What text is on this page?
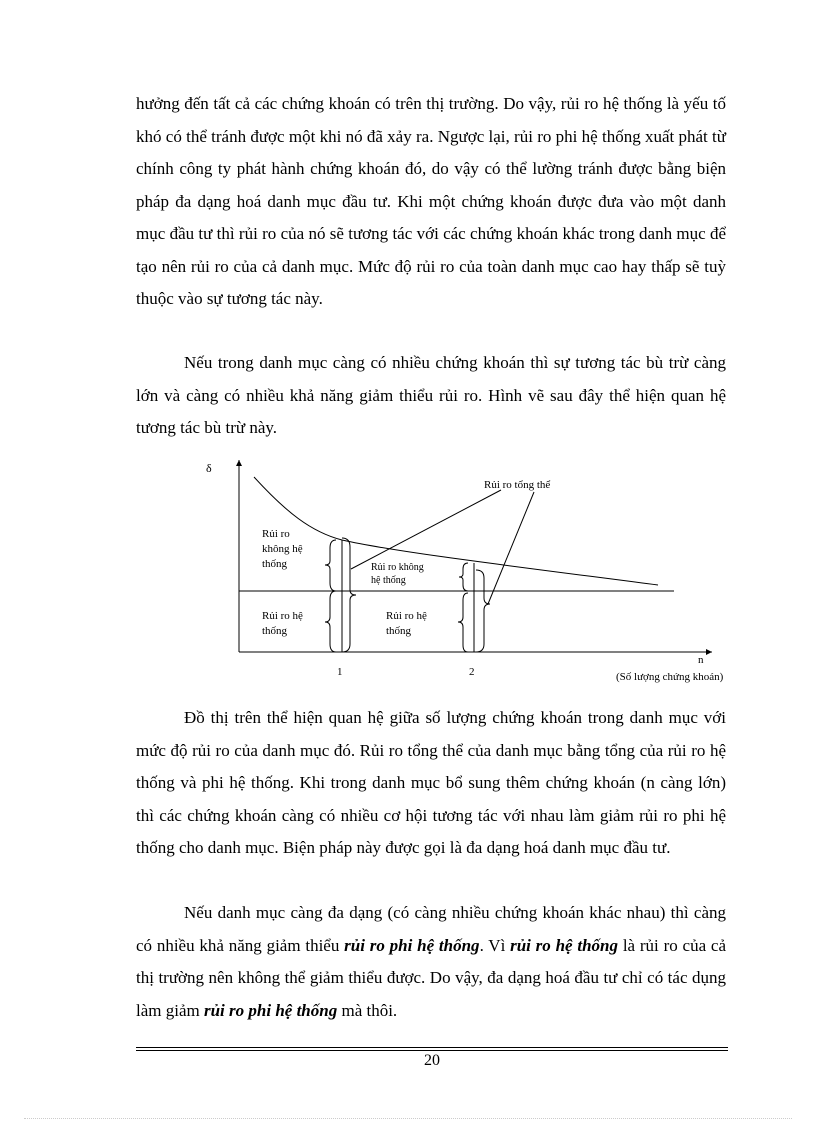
hưởng đến tất cả các chứng khoán có trên thị trường. Do vậy, rủi ro hệ thống là yếu tố khó có thể tránh được một khi nó đã xảy ra. Ngược lại, rủi ro phi hệ thống xuất phát từ chính công ty phát hành chứng khoán đó, do vậy có thể lường tránh được bằng biện pháp đa dạng hoá danh mục đầu tư. Khi một chứng khoán được đưa vào một danh mục đầu tư thì rủi ro của nó sẽ tương tác với các chứng khoán khác trong danh mục để tạo nên rủi ro của cả danh mục. Mức độ rủi ro của toàn danh mục cao hay thấp sẽ tuỳ thuộc vào sự tương tác này.

Nếu trong danh mục càng có nhiều chứng khoán thì sự tương tác bù trừ càng lớn và càng có nhiều khả năng giảm thiểu rủi ro. Hình vẽ sau đây thể hiện quan hệ tương tác bù trừ này.

δ
n
(Số lượng chứng khoán)
1	2
Rủi ro tổng thể
Rủi ro
không hệ
thống
Rủi ro hệ
thống
Rủi ro không
hệ thống
Rủi ro hệ
thống

Đồ thị trên thể hiện quan hệ giữa số lượng chứng khoán trong danh mục với mức độ rủi ro của danh mục đó. Rủi ro tổng thể của danh mục bằng tổng của rủi ro hệ thống và phi hệ thống. Khi trong danh mục bổ sung thêm chứng khoán (n càng lớn) thì các chứng khoán càng có nhiều cơ hội tương tác với nhau làm giảm rủi ro phi hệ thống cho danh mục. Biện pháp này được gọi là đa dạng hoá danh mục đầu tư.

Nếu danh mục càng đa dạng (có càng nhiều chứng khoán khác nhau) thì càng có nhiều khả năng giảm thiểu rủi ro phi hệ thống. Vì rủi ro hệ thống là rủi ro của cả thị trường nên không thể giảm thiểu được. Do vậy, đa dạng hoá đầu tư chỉ có tác dụng làm giảm rủi ro phi hệ thống mà thôi.

20
